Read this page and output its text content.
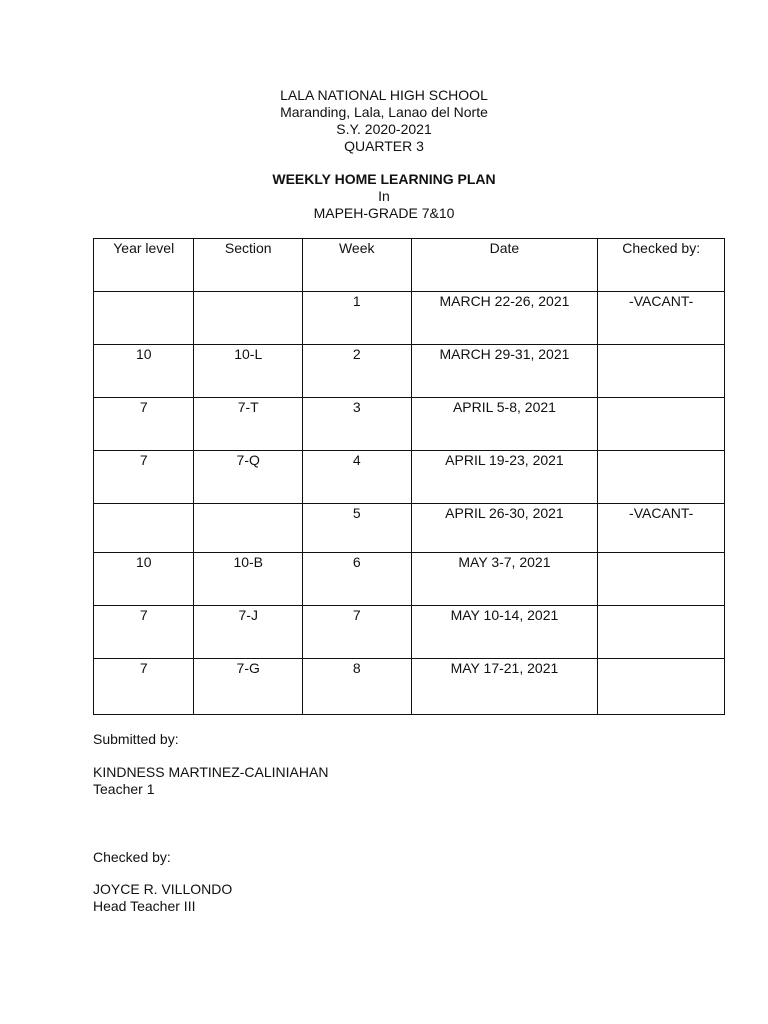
LALA NATIONAL HIGH SCHOOL
Maranding, Lala, Lanao del Norte
S.Y. 2020-2021
QUARTER 3
WEEKLY HOME LEARNING PLAN
In
MAPEH-GRADE 7&10
Year level	Section	Week	Date	Checked by:
		1	MARCH 22-26, 2021	-VACANT-
10	10-L	2	MARCH 29-31, 2021	
7	7-T	3	APRIL 5-8, 2021	
7	7-Q	4	APRIL 19-23, 2021	
		5	APRIL 26-30, 2021	-VACANT-
10	10-B	6	MAY 3-7, 2021	
7	7-J	7	MAY 10-14, 2021	
7	7-G	8	MAY 17-21, 2021	
Submitted by:
KINDNESS MARTINEZ-CALINIAHAN
Teacher 1
Checked by:
JOYCE R. VILLONDO
Head Teacher III
